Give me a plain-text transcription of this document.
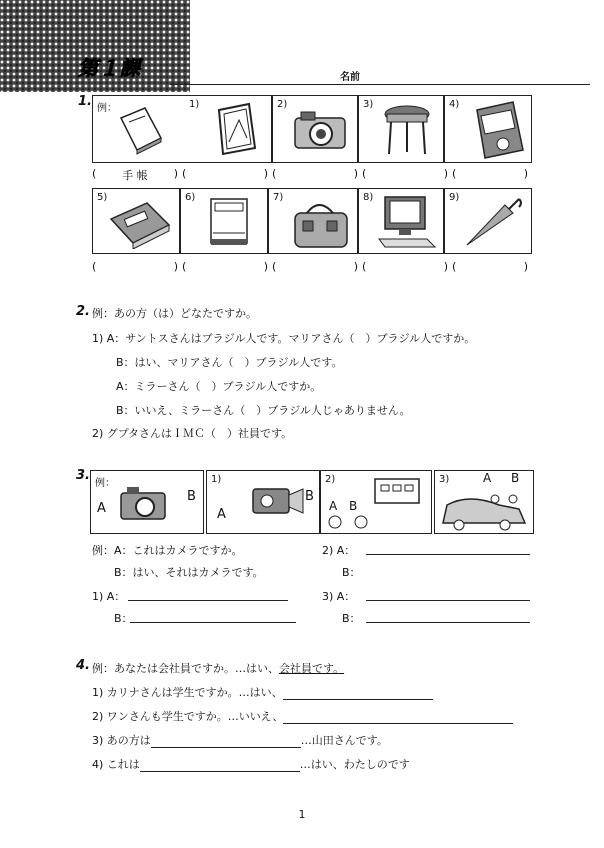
第１課	名前
1. 例：	1)	2)	3)	4)
( 手 帳 ) (	) (	) (	) (	)
5)	6)	7)	8)	9)
(	) (	) (	) (	) (	)
2. 例：あの方（は）どなたですか。
1) A：サントスさんはブラジル人です。マリアさん（　）ブラジル人ですか。
B：はい、マリアさん（　）ブラジル人です。
A：ミラーさん（　）ブラジル人ですか。
B：いいえ、ミラーさん（　）ブラジル人じゃありません。
2) グプタさんはＩＭＣ（　）社員です。
3.
例：
A
B
1)
A
B
2)
A B
3)	A B
例：A：これはカメラですか。
B：はい、それはカメラです。
1) A：
B：
2) A：
B：
3) A：
B：
4. 例：あなたは会社員ですか。…はい、会社員です。
1) カリナさんは学生ですか。…はい、
2) ワンさんも学生ですか。…いいえ、
3) あの方は	…山田さんです。
4) これは	…はい、わたしのです
1
